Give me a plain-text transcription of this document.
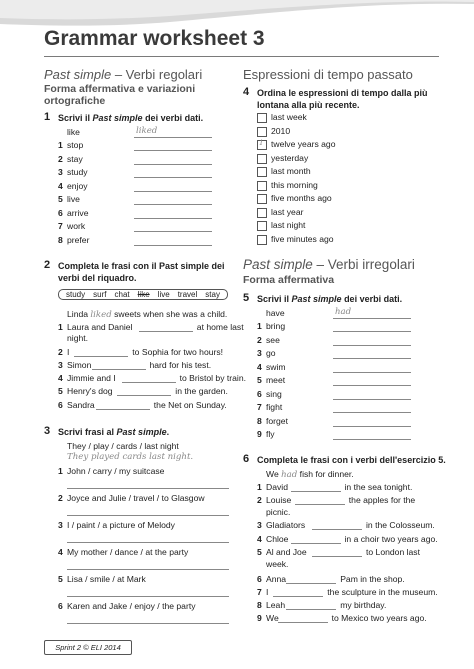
Grammar worksheet 3
Past simple – Verbi regolari
Forma affermativa e variazioni ortografiche
1 Scrivi il Past simple dei verbi dati.
like	liked
1 stop
2 stay
3 study
4 enjoy
5 live
6 arrive
7 work
8 prefer
2 Completa le frasi con il Past simple dei verbi del riquadro.
study surf chat like live travel stay
Linda liked sweets when she was a child.
1 Laura and Daniel	at home last
night.
2 I	to Sophia for two hours!
3 Simon	hard for his test.
4 Jimmie and I	to Bristol by train.
5 Henry's dog	in the garden.
6 Sandra	the Net on Sunday.
3 Scrivi frasi al Past simple.
They / play / cards / last night
They played cards last night.
1 John / carry / my suitcase
2 Joyce and Julie / travel / to Glasgow
3 I / paint / a picture of Melody
4 My mother / dance / at the party
5 Lisa / smile / at Mark
6 Karen and Jake / enjoy / the party
Espressioni di tempo passato
4 Ordina le espressioni di tempo dalla più lontana alla più recente.
last week
2010
1 twelve years ago
yesterday
last month
this morning
five months ago
last year
last night
five minutes ago
Past simple – Verbi irregolari
Forma affermativa
5 Scrivi il Past simple dei verbi dati.
have	had
1 bring
2 see
3 go
4 swim
5 meet
6 sing
7 fight
8 forget
9 fly
6 Completa le frasi con i verbi dell'esercizio 5.
We had fish for dinner.
1 David	in the sea tonight.
2 Louise	the apples for the
picnic.
3 Gladiators	in the Colosseum.
4 Chloe	in a choir two years ago.
5 Al and Joe	to London last
week.
6 Anna	Pam in the shop.
7 I	the sculpture in the museum.
8 Leah	my birthday.
9 We	to Mexico two years ago.
Sprint 2 © ELI 2014
